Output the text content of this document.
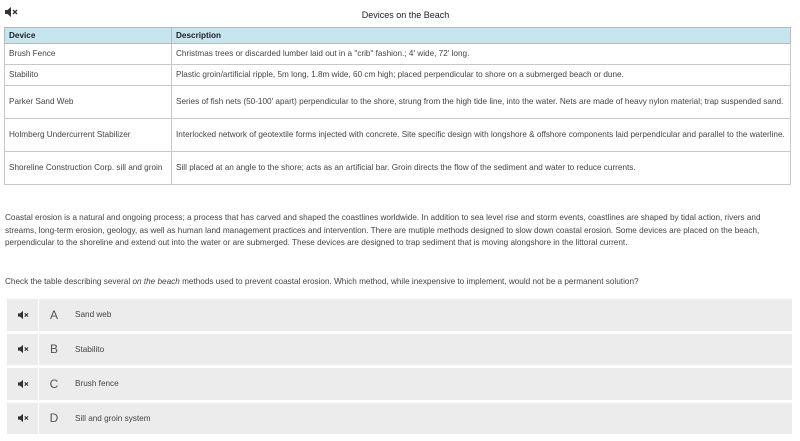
Devices on the Beach
Device	Description
Brush Fence	Christmas trees or discarded lumber laid out in a "crib" fashion.; 4' wide, 72' long.
Stabilito	Plastic groin/artificial ripple, 5m long, 1.8m wide, 60 cm high; placed perpendicular to shore on a submerged beach or dune.
Parker Sand Web	Series of fish nets (50-100' apart) perpendicular to the shore, strung from the high tide line, into the water. Nets are made of heavy nylon material; trap suspended sand.
Holmberg Undercurrent Stabilizer	Interlocked network of geotextile forms injected with concrete. Site specific design with longshore & offshore components laid perpendicular and parallel to the waterline.
Shoreline Construction Corp. sill and groin	Sill placed at an angle to the shore; acts as an artificial bar. Groin directs the flow of the sediment and water to reduce currents.

Coastal erosion is a natural and ongoing process; a process that has carved and shaped the coastlines worldwide. In addition to sea level rise and storm events, coastlines are shaped by tidal action, rivers and streams, long-term erosion, geology, as well as human land management practices and intervention. There are mutiple methods designed to slow down coastal erosion. Some devices are placed on the beach, perpendicular to the shoreline and extend out into the water or are submerged. These devices are designed to trap sediment that is moving alongshore in the littoral current.

Check the table describing several on the beach methods used to prevent coastal erosion. Which method, while inexpensive to implement, would not be a permanent solution?

A	Sand web
B	Stabilito
C	Brush fence
D	Sill and groin system
